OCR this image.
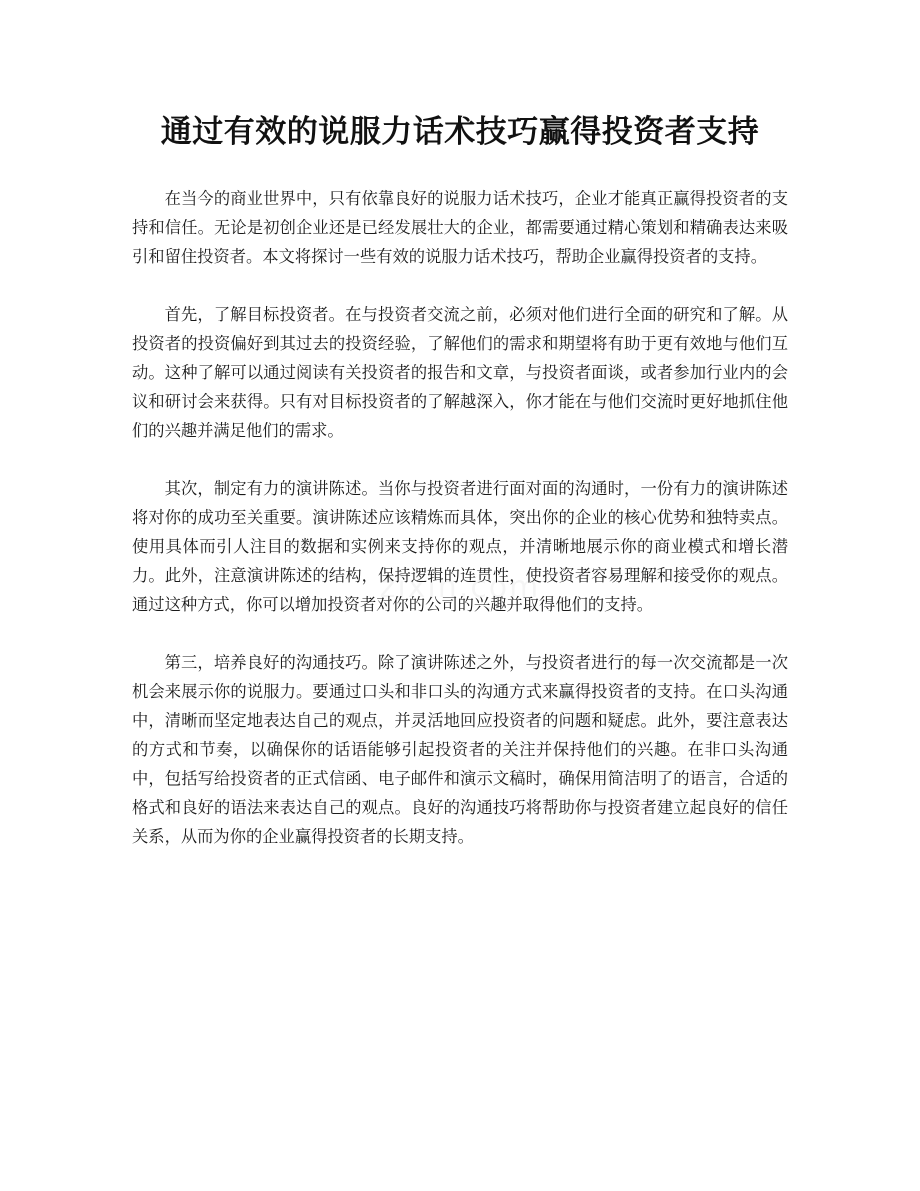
通过有效的说服力话术技巧赢得投资者支持

在当今的商业世界中，只有依靠良好的说服力话术技巧，企业才能真正赢得投资者的支持和信任。无论是初创企业还是已经发展壮大的企业，都需要通过精心策划和精确表达来吸引和留住投资者。本文将探讨一些有效的说服力话术技巧，帮助企业赢得投资者的支持。

首先，了解目标投资者。在与投资者交流之前，必须对他们进行全面的研究和了解。从投资者的投资偏好到其过去的投资经验，了解他们的需求和期望将有助于更有效地与他们互动。这种了解可以通过阅读有关投资者的报告和文章，与投资者面谈，或者参加行业内的会议和研讨会来获得。只有对目标投资者的了解越深入，你才能在与他们交流时更好地抓住他们的兴趣并满足他们的需求。

其次，制定有力的演讲陈述。当你与投资者进行面对面的沟通时，一份有力的演讲陈述将对你的成功至关重要。演讲陈述应该精炼而具体，突出你的企业的核心优势和独特卖点。使用具体而引人注目的数据和实例来支持你的观点，并清晰地展示你的商业模式和增长潜力。此外，注意演讲陈述的结构，保持逻辑的连贯性，使投资者容易理解和接受你的观点。通过这种方式，你可以增加投资者对你的公司的兴趣并取得他们的支持。

第三，培养良好的沟通技巧。除了演讲陈述之外，与投资者进行的每一次交流都是一次机会来展示你的说服力。要通过口头和非口头的沟通方式来赢得投资者的支持。在口头沟通中，清晰而坚定地表达自己的观点，并灵活地回应投资者的问题和疑虑。此外，要注意表达的方式和节奏，以确保你的话语能够引起投资者的关注并保持他们的兴趣。在非口头沟通中，包括写给投资者的正式信函、电子邮件和演示文稿时，确保用简洁明了的语言，合适的格式和良好的语法来表达自己的观点。良好的沟通技巧将帮助你与投资者建立起良好的信任关系，从而为你的企业赢得投资者的长期支持。
